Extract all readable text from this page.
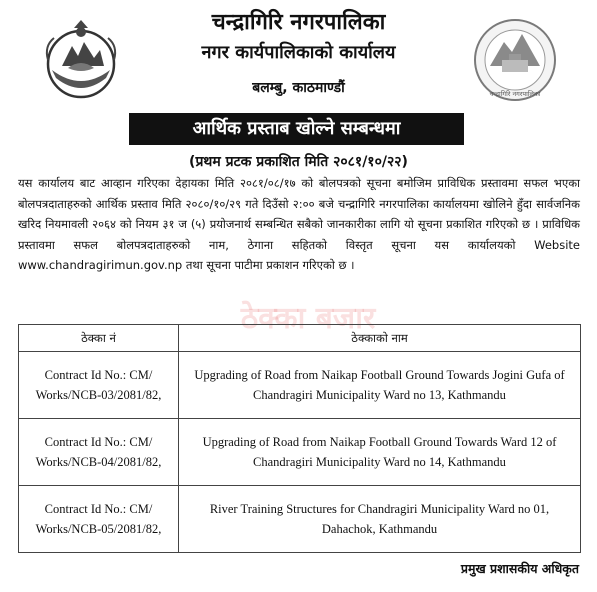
चन्द्रागिरि नगरपालिका
चन्द्रागिरि नगरपालिका
नगर कार्यपालिकाको कार्यालय
बलम्बु, काठमाण्डौं
आर्थिक प्रस्ताब खोल्ने सम्बन्धमा
(प्रथम प्रटक प्रकाशित मिति २०८१/१०/२२)
यस कार्यालय बाट आव्हान गरिएका देहायका मिति २०८१/०८/१७ को बोलपत्रको सूचना बमोजिम प्राविधिक प्रस्तावमा सफल भएका बोलपत्रदाताहरुको आर्थिक प्रस्ताव मिति २०८०/१०/२९ गते दिउँसो २:०० बजे चन्द्रागिरि नगरपालिका कार्यालयमा खोलिने हुँदा सार्वजनिक खरिद नियमावली २०६४ को नियम ३१ ज (५) प्रयोजनार्थ सम्बन्धित सबैको जानकारीका लागि यो सूचना प्रकाशित गरिएको छ । प्राविधिक प्रस्तावमा सफल बोलपत्रदाताहरुको नाम, ठेगाना सहितको विस्तृत सूचना यस कार्यालयको Website www.chandragirimun.gov.np तथा सूचना पाटीमा प्रकाशन गरिएको छ ।
ठेक्का बजार
ठेक्का नं	ठेक्काको नाम
Contract Id No.: CM/ Works/NCB-03/2081/82,	Upgrading of Road from Naikap Football Ground Towards Jogini Gufa of Chandragiri Municipality Ward no 13, Kathmandu
Contract Id No.: CM/ Works/NCB-04/2081/82,	Upgrading of Road from Naikap Football Ground Towards Ward 12 of Chandragiri Municipality Ward no 14, Kathmandu
Contract Id No.: CM/ Works/NCB-05/2081/82,	River Training Structures for Chandragiri Municipality Ward no 01, Dahachok, Kathmandu
प्रमुख प्रशासकीय अधिकृत
